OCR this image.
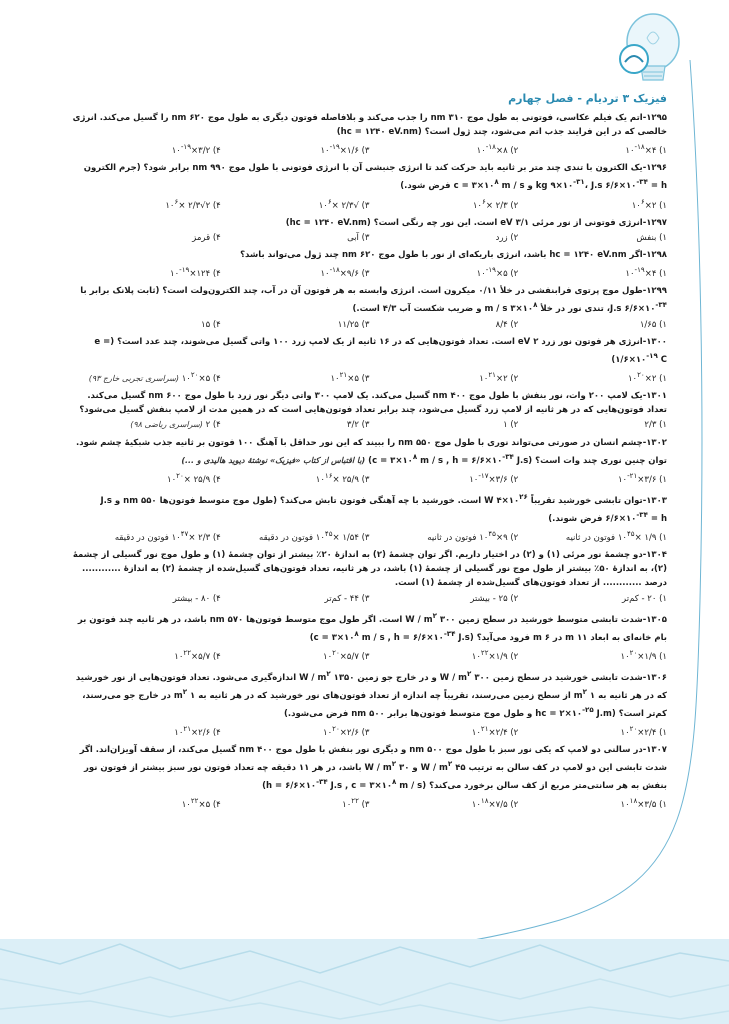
فیزیک ۳ تردیام - فصل چهارم
۱۲۹۵-اتم یک فیلم عکاسی، فوتونی به طول موج ۳۱۰ nm را جذب می‌کند و بلافاصله فوتون دیگری به طول موج ۶۲۰ nm را گسیل می‌کند. انرژی خالصی که در این فرایند جذب اتم می‌شود، چند ژول است؟ (hc = ۱۲۴۰ eV.nm)
۱) $۴\times ۱۰^{-۱۸}$
۲) $۸\times ۱۰^{-۱۸}$
۳) $۱/۶\times ۱۰^{-۱۹}$
۴) $۳/۲\times ۱۰^{-۱۹}$
۱۲۹۶-یک الکترون با تندی چند متر بر ثانیه باید حرکت کند تا انرژی جنبشی آن با انرژی فوتونی با طول موج ۹۹۰ nm برابر شود؟ (جرم الکترون kg $۹\times ۱۰^{-۳۱}،$ J.s $۶/۶\times ۱۰^{-۳۴} = h$ و $c = ۳\times ۱۰^۸$ m / s فرض شود.)
۱) $۲\times ۱۰^۶$
۲) ۲/۳ $\times ۱۰^۶$
۳) √۲/۳ $\times ۱۰^۶$
۴) ۲√۲/۳ $\times ۱۰^۶$
۱۲۹۷-انرژی فوتونی از نور مرئی ۳/۱ eV است. این نور چه رنگی است؟ (hc = ۱۲۴۰ eV.nm)
۱) بنفش
۲) زرد
۳) آبی
۴) قرمز
۱۲۹۸-اگر hc = ۱۲۴۰ eV.nm باشد، انرژی باریکه‌ای از نور با طول موج ۶۲۰ nm چند ژول می‌تواند باشد؟
۱) $۴\times ۱۰^{-۱۹}$
۲) $۵\times ۱۰^{-۱۹}$
۳) $۹/۶\times ۱۰^{-۱۸}$
۴) $۱۲۴\times ۱۰^{-۱۹}$
۱۲۹۹-طول موج پرتوی فرابنفشی در خلأ ۰/۱۱ میکرون است. انرژی وابسته به هر فوتون آن در آب، چند الکترون‌ولت است؟ (ثابت پلانک برابر با J.s $۶/۶\times ۱۰^{-۳۴}،$ تندی نور در خلأ m / s $۳\times ۱۰^۸$ و ضریب شکست آب ۴/۳ است.)
۱) ۱/۶۵
۲) ۸/۴
۳) ۱۱/۲۵
۴) ۱۵
۱۳۰۰-انرژی هر فوتون نور زرد ۲ eV است. تعداد فوتون‌هایی که در ۱۶ ثانیه از یک لامپ زرد ۱۰۰ واتی گسیل می‌شوند، چند عدد است؟ ($e = ۱/۶\times ۱۰^{-۱۹}$ C)
۱) $۲\times ۱۰^{۲۰}$
۲) $۲\times ۱۰^{۲۱}$
۳) $۵\times ۱۰^{۲۱}$
۴) $۵\times ۱۰^{۲۰}$ (سراسری تجربی خارج ۹۳)
۱۳۰۱-یک لامپ ۲۰۰ وات، نور بنفش با طول موج ۴۰۰ nm گسیل می‌کند. یک لامپ ۳۰۰ واتی دیگر نور زرد با طول موج ۶۰۰ nm گسیل می‌کند. تعداد فوتون‌هایی که در هر ثانیه از لامپ زرد گسیل می‌شود، چند برابر تعداد فوتون‌هایی است که در همین مدت از لامپ بنفش گسیل می‌شود؟
۱) ۲/۳
۲) ۱
۳) ۳/۲
۴) ۲ (سراسری ریاضی ۹۸)
۱۳۰۲-چشم انسان در صورتی می‌تواند نوری با طول موج ۵۵۰ nm را ببیند که این نور حداقل با آهنگ ۱۰۰ فوتون بر ثانیه جذب شبکیهٔ چشم شود. توان چنین نوری چند وات است؟ ($c = ۳\times ۱۰^۸$ m / s , $h = ۶/۶\times ۱۰^{-۳۴}$ J.s) (با اقتباس از کتاب «فیزیک» نوشتهٔ دیوید هالیدی و ...)
۱) $۳/۶\times ۱۰^{-۲۱}$
۲) $۳/۶\times ۱۰^{-۱۷}$
۳) ۲۵/۹ $\times ۱۰^{۱۶}$
۴) ۲۵/۹ $\times ۱۰^{۲۰}$
۱۳۰۳-توان تابشی خورشید تقریباً W $۴\times ۱۰^{۲۶}$ است. خورشید با چه آهنگی فوتون تابش می‌کند؟ (طول موج متوسط فوتون‌ها ۵۵۰ nm و J.s $۶/۶\times ۱۰^{-۳۴} = h$ فرض شوند.)
۱) ۱/۹ $\times ۱۰^{۴۵}$ فوتون در ثانیه
۲) $۹\times ۱۰^{۴۵}$ فوتون در ثانیه
۳) ۱/۵۴ $\times ۱۰^{۴۵}$ فوتون در دقیقه
۴) ۲/۳ $\times ۱۰^{۴۷}$ فوتون در دقیقه
۱۳۰۴-دو چشمهٔ نور مرئی (۱) و (۲) در اختیار داریم. اگر توان چشمهٔ (۲) به اندازهٔ ۲۰٪ بیشتر از توان چشمهٔ (۱) و طول موج نور گسیلی از چشمهٔ (۲)، به اندازهٔ ۵۰٪ بیشتر از طول موج نور گسیلی از چشمهٔ (۱) باشد، در هر ثانیه، تعداد فوتون‌های گسیل‌شده از چشمهٔ (۲) به اندازهٔ ............ درصد ............ از تعداد فوتون‌های گسیل‌شده از چشمهٔ (۱) است.
۱) ۲۰ - کم‌تر
۲) ۲۵ - بیشتر
۳) ۴۴ - کم‌تر
۴) ۸۰ - بیشتر
۱۳۰۵-شدت تابشی متوسط خورشید در سطح زمین ۳۰۰ W / $m^۲$ است. اگر طول موج متوسط فوتون‌ها ۵۷۰ nm باشد، در هر ثانیه چند فوتون بر بام خانه‌ای به ابعاد ۱۱ m در ۶ m فرود می‌آید؟ ($c = ۳\times ۱۰^۸$ m / s , $h = ۶/۶\times ۱۰^{-۳۴}$ J.s)
۱) $۱/۹\times ۱۰^{۲۰}$
۲) $۱/۹\times ۱۰^{۲۲}$
۳) $۵/۷\times ۱۰^{۲۰}$
۴) $۵/۷\times ۱۰^{۲۲}$
۱۳۰۶-شدت تابشی خورشید در سطح زمین ۳۰۰ W / $m^۲$ و در خارج جو زمین ۱۳۵۰ W / $m^۲$ اندازه‌گیری می‌شود. تعداد فوتون‌هایی از نور خورشید که در هر ثانیه به ۱ $m^۲$ از سطح زمین می‌رسند، تقریباً چه اندازه از تعداد فوتون‌های نور خورشید که در هر ثانیه به ۱ $m^۲$ در خارج جو می‌رسند، کم‌تر است؟ ($hc = ۲\times ۱۰^{-۲۵}$ J.m و طول موج متوسط فوتون‌ها برابر ۵۰۰ nm فرض می‌شود.)
۱) $۲/۴\times ۱۰^{۲۰}$
۲) $۲/۴\times ۱۰^{۲۱}$
۳) $۲/۶\times ۱۰^{۲۰}$
۴) $۲/۶\times ۱۰^{۲۱}$
۱۳۰۷-در سالنی دو لامپ که یکی نور سبز با طول موج ۵۰۰ nm و دیگری نور بنفش با طول موج ۴۰۰ nm گسیل می‌کند، از سقف آویزان‌اند. اگر شدت تابشی این دو لامپ در کف سالن به ترتیب ۴۵ W / $m^۲$ و ۳۰ W / $m^۲$ باشد، در هر ۱۱ دقیقه چه تعداد فوتون نور سبز بیشتر از فوتون نور بنفش به هر سانتی‌متر مربع از کف سالن برخورد می‌کند؟ ($h = ۶/۶\times ۱۰^{-۳۴}$ J.s , $c = ۳\times ۱۰^۸$ m / s)
۱) $۳/۵\times ۱۰^{۱۸}$
۲) $۷/۵\times ۱۰^{۱۸}$
۳) $۱۰^{۲۲}$
۴) $۵\times ۱۰^{۲۲}$
